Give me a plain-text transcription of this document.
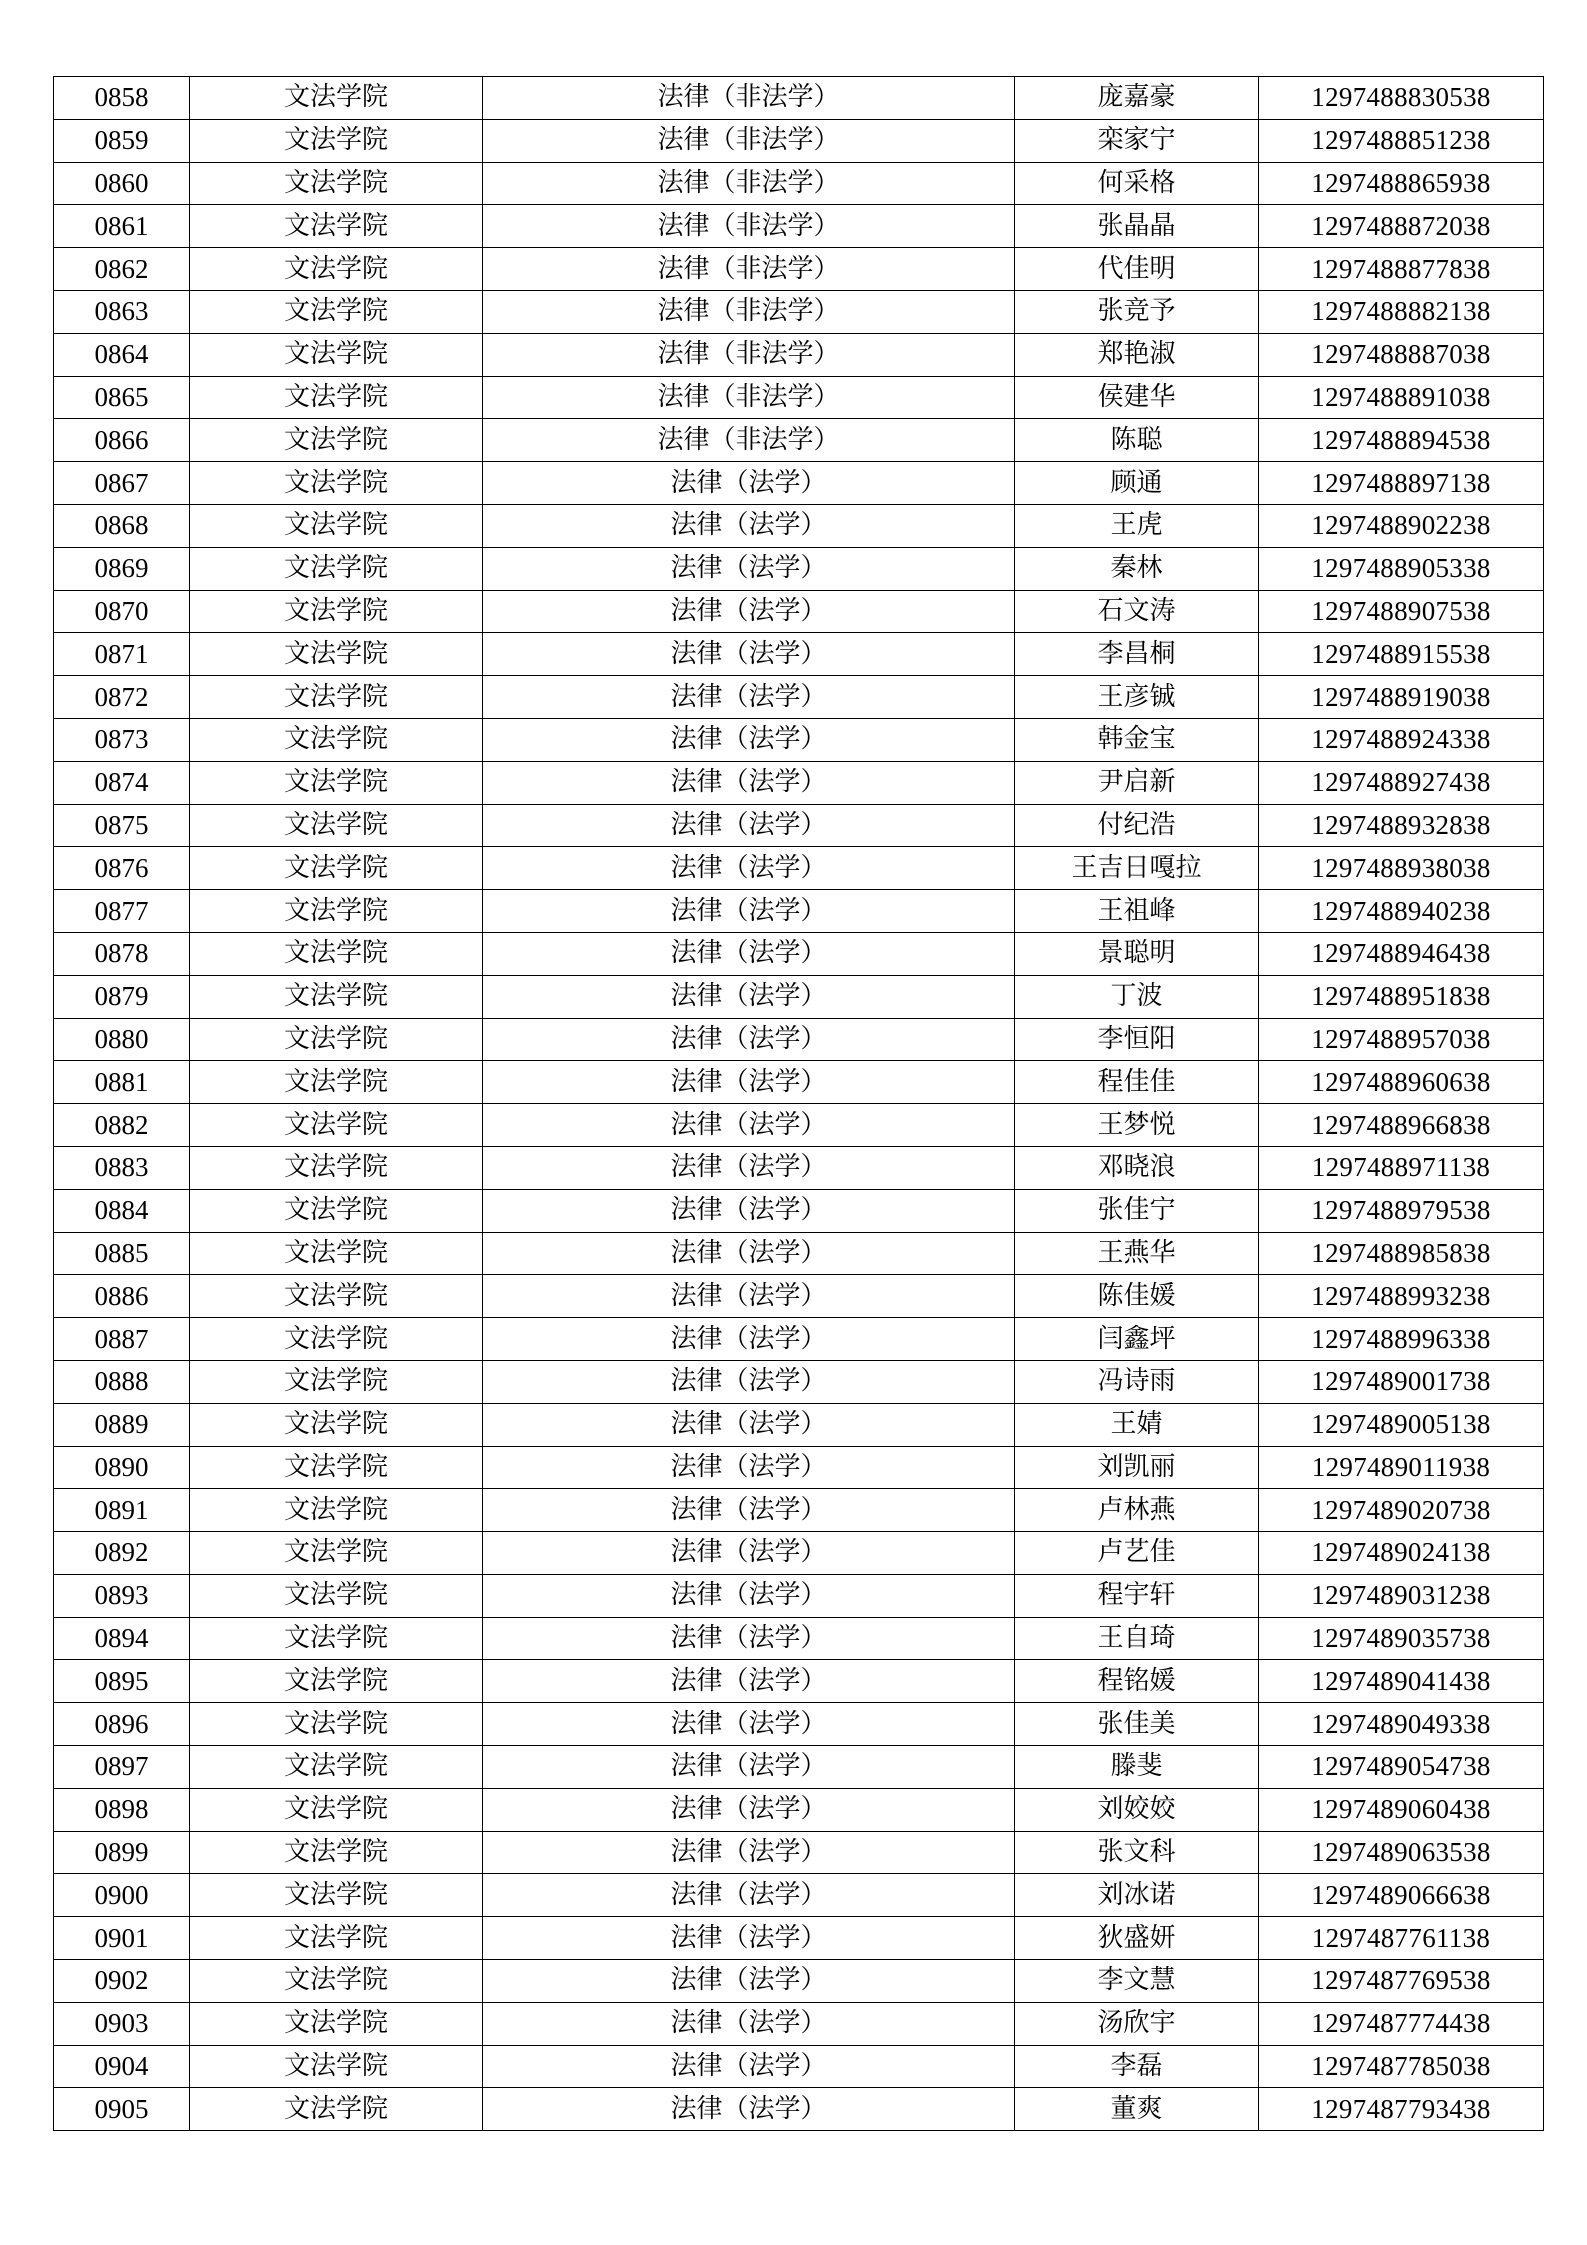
0858	文法学院	法律（非法学）	庞嘉豪	1297488830538
0859	文法学院	法律（非法学）	栾家宁	1297488851238
0860	文法学院	法律（非法学）	何采格	1297488865938
0861	文法学院	法律（非法学）	张晶晶	1297488872038
0862	文法学院	法律（非法学）	代佳明	1297488877838
0863	文法学院	法律（非法学）	张竞予	1297488882138
0864	文法学院	法律（非法学）	郑艳淑	1297488887038
0865	文法学院	法律（非法学）	侯建华	1297488891038
0866	文法学院	法律（非法学）	陈聪	1297488894538
0867	文法学院	法律（法学）	顾通	1297488897138
0868	文法学院	法律（法学）	王虎	1297488902238
0869	文法学院	法律（法学）	秦林	1297488905338
0870	文法学院	法律（法学）	石文涛	1297488907538
0871	文法学院	法律（法学）	李昌桐	1297488915538
0872	文法学院	法律（法学）	王彦铖	1297488919038
0873	文法学院	法律（法学）	韩金宝	1297488924338
0874	文法学院	法律（法学）	尹启新	1297488927438
0875	文法学院	法律（法学）	付纪浩	1297488932838
0876	文法学院	法律（法学）	王吉日嘎拉	1297488938038
0877	文法学院	法律（法学）	王祖峰	1297488940238
0878	文法学院	法律（法学）	景聪明	1297488946438
0879	文法学院	法律（法学）	丁波	1297488951838
0880	文法学院	法律（法学）	李恒阳	1297488957038
0881	文法学院	法律（法学）	程佳佳	1297488960638
0882	文法学院	法律（法学）	王梦悦	1297488966838
0883	文法学院	法律（法学）	邓晓浪	1297488971138
0884	文法学院	法律（法学）	张佳宁	1297488979538
0885	文法学院	法律（法学）	王燕华	1297488985838
0886	文法学院	法律（法学）	陈佳媛	1297488993238
0887	文法学院	法律（法学）	闫鑫坪	1297488996338
0888	文法学院	法律（法学）	冯诗雨	1297489001738
0889	文法学院	法律（法学）	王婧	1297489005138
0890	文法学院	法律（法学）	刘凯丽	1297489011938
0891	文法学院	法律（法学）	卢林燕	1297489020738
0892	文法学院	法律（法学）	卢艺佳	1297489024138
0893	文法学院	法律（法学）	程宇轩	1297489031238
0894	文法学院	法律（法学）	王自琦	1297489035738
0895	文法学院	法律（法学）	程铭媛	1297489041438
0896	文法学院	法律（法学）	张佳美	1297489049338
0897	文法学院	法律（法学）	滕斐	1297489054738
0898	文法学院	法律（法学）	刘姣姣	1297489060438
0899	文法学院	法律（法学）	张文科	1297489063538
0900	文法学院	法律（法学）	刘冰诺	1297489066638
0901	文法学院	法律（法学）	狄盛妍	1297487761138
0902	文法学院	法律（法学）	李文慧	1297487769538
0903	文法学院	法律（法学）	汤欣宇	1297487774438
0904	文法学院	法律（法学）	李磊	1297487785038
0905	文法学院	法律（法学）	董爽	1297487793438
